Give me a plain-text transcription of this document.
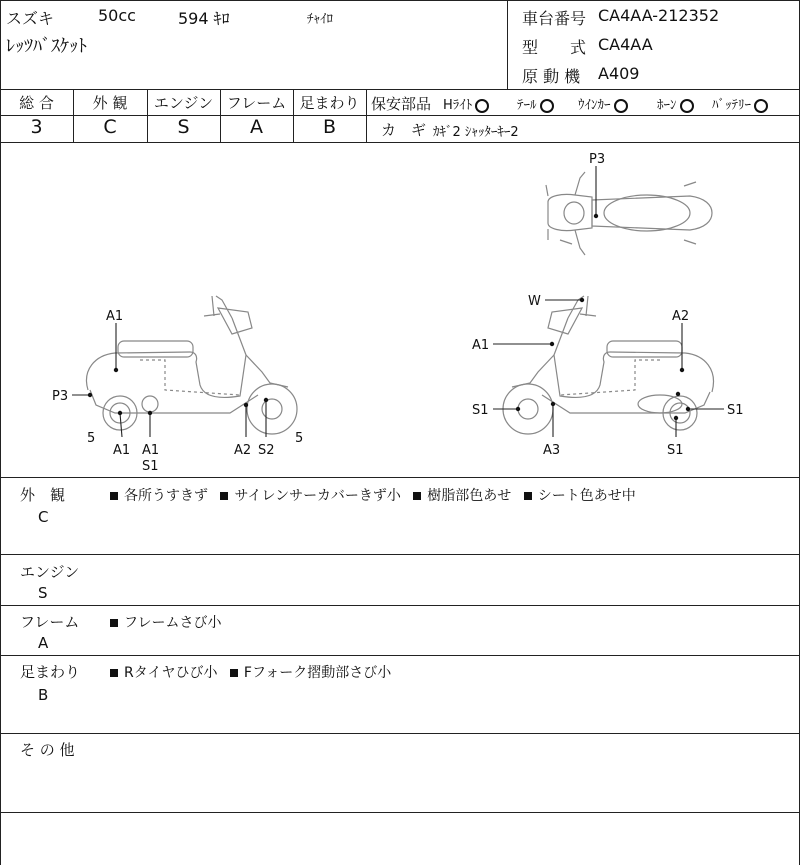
スズキ	50cc	594 ｷﾛ	ﾁｬｲﾛ
ﾚｯﾂﾊﾞｽｹｯﾄ
車台番号 CA4AA-212352
型　　式 CA4AA
原 動 機 A409
総 合	外 観	エンジン フレーム 足まわり
3	C	S	A	B
保安部品 Hﾗｲﾄ	ﾃｰﾙ	ｳｲﾝｶｰ	ﾎｰﾝ	ﾊﾞｯﾃﾘｰ
カ　ギ ｶｷﾞ2 ｼｬｯﾀｰｷｰ2
P3
A1
P3
5
A1 A1
S1
A2 S2
5
W
A2
A1
S1	S1
A3	S1
外　観
C
各所うすきず サイレンサーカバーきず小 樹脂部色あせ シート色あせ中
エンジン
S
フレーム
A
フレームさび小
足まわり
B
Rタイヤひび小 Fフォーク摺動部さび小
そ の 他
